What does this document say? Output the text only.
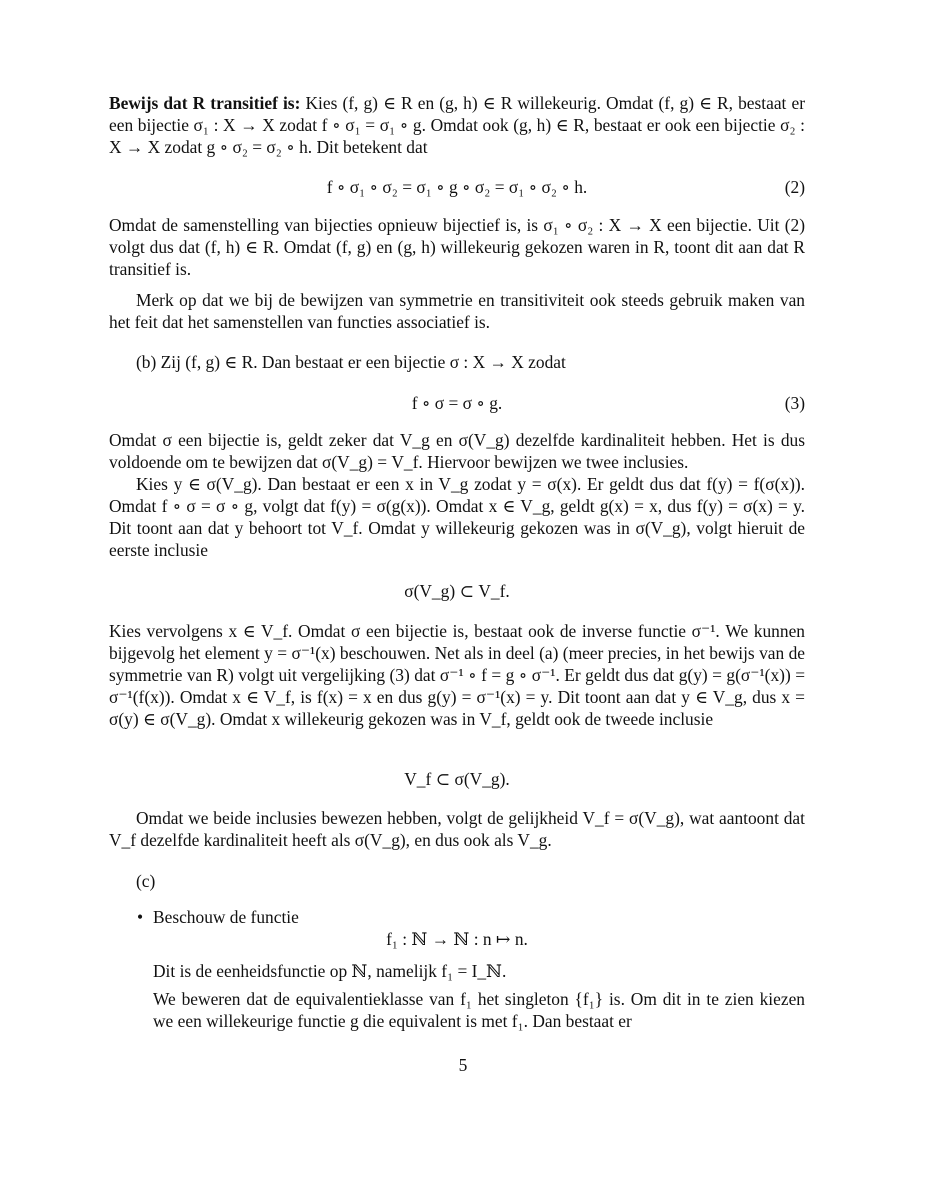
Bewijs dat R transitief is: Kies (f, g) ∈ R en (g, h) ∈ R willekeurig. Omdat (f, g) ∈ R, bestaat er een bijectie σ₁ : X → X zodat f ∘ σ₁ = σ₁ ∘ g. Omdat ook (g, h) ∈ R, bestaat er ook een bijectie σ₂ : X → X zodat g ∘ σ₂ = σ₂ ∘ h. Dit betekent dat
f ∘ σ₁ ∘ σ₂ = σ₁ ∘ g ∘ σ₂ = σ₁ ∘ σ₂ ∘ h.	(2)
Omdat de samenstelling van bijecties opnieuw bijectief is, is σ₁ ∘ σ₂ : X → X een bijectie. Uit (2) volgt dus dat (f, h) ∈ R. Omdat (f, g) en (g, h) willekeurig gekozen waren in R, toont dit aan dat R transitief is.
Merk op dat we bij de bewijzen van symmetrie en transitiviteit ook steeds gebruik maken van het feit dat het samenstellen van functies associatief is.
(b) Zij (f, g) ∈ R. Dan bestaat er een bijectie σ : X → X zodat
f ∘ σ = σ ∘ g.	(3)
Omdat σ een bijectie is, geldt zeker dat V_g en σ(V_g) dezelfde kardinaliteit hebben. Het is dus voldoende om te bewijzen dat σ(V_g) = V_f. Hiervoor bewijzen we twee inclusies.
Kies y ∈ σ(V_g). Dan bestaat er een x in V_g zodat y = σ(x). Er geldt dus dat f(y) = f(σ(x)). Omdat f ∘ σ = σ ∘ g, volgt dat f(y) = σ(g(x)). Omdat x ∈ V_g, geldt g(x) = x, dus f(y) = σ(x) = y. Dit toont aan dat y behoort tot V_f. Omdat y willekeurig gekozen was in σ(V_g), volgt hieruit de eerste inclusie
σ(V_g) ⊂ V_f.
Kies vervolgens x ∈ V_f. Omdat σ een bijectie is, bestaat ook de inverse functie σ⁻¹. We kunnen bijgevolg het element y = σ⁻¹(x) beschouwen. Net als in deel (a) (meer precies, in het bewijs van de symmetrie van R) volgt uit vergelijking (3) dat σ⁻¹ ∘ f = g ∘ σ⁻¹. Er geldt dus dat g(y) = g(σ⁻¹(x)) = σ⁻¹(f(x)). Omdat x ∈ V_f, is f(x) = x en dus g(y) = σ⁻¹(x) = y. Dit toont aan dat y ∈ V_g, dus x = σ(y) ∈ σ(V_g). Omdat x willekeurig gekozen was in V_f, geldt ook de tweede inclusie
V_f ⊂ σ(V_g).
Omdat we beide inclusies bewezen hebben, volgt de gelijkheid V_f = σ(V_g), wat aantoont dat V_f dezelfde kardinaliteit heeft als σ(V_g), en dus ook als V_g.
(c)
• Beschouw de functie
f₁ : ℕ → ℕ : n ↦ n.
Dit is de eenheidsfunctie op ℕ, namelijk f₁ = I_ℕ.
We beweren dat de equivalentieklasse van f₁ het singleton {f₁} is. Om dit in te zien kiezen we een willekeurige functie g die equivalent is met f₁. Dan bestaat er
5
